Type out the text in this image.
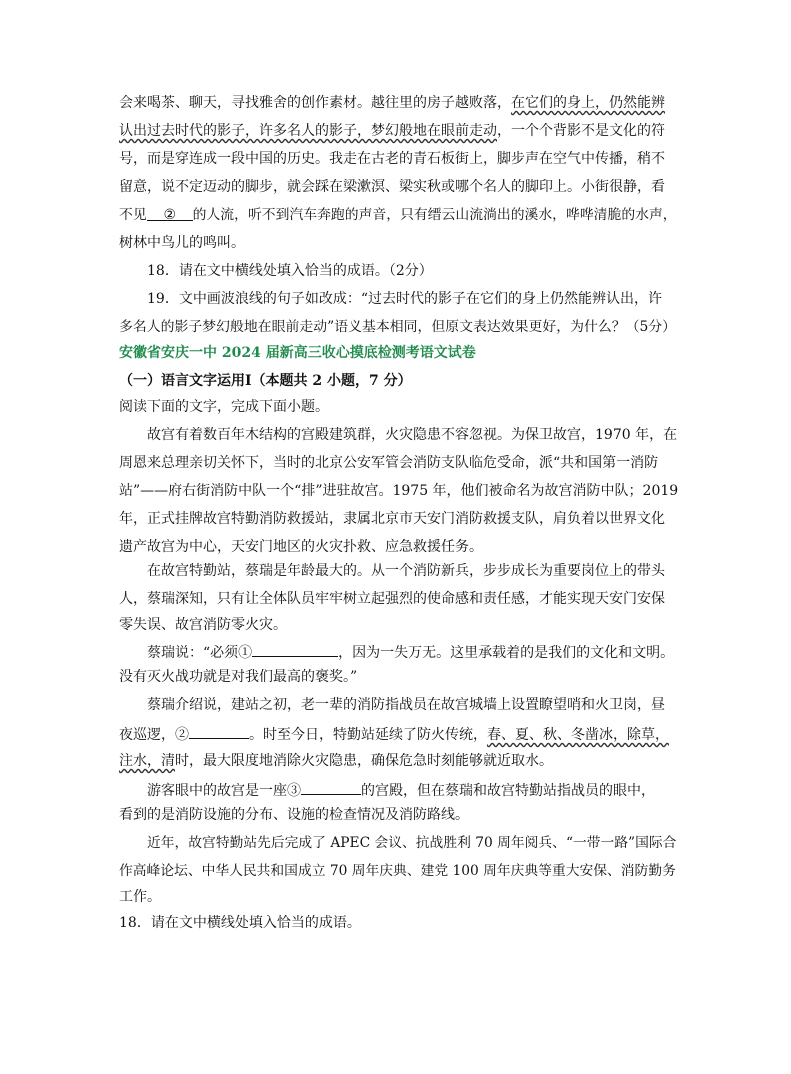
会来喝茶、聊天，寻找雅舍的创作素材。越往里的房子越败落，在它们的身上，仍然能辨
认出过去时代的影子，许多名人的影子，梦幻般地在眼前走动，一个个背影不是文化的符
号，而是穿连成一段中国的历史。我走在古老的青石板街上，脚步声在空气中传播，稍不
留意，说不定迈动的脚步，就会踩在梁漱溟、梁实秋或哪个名人的脚印上。小街很静，看
不见 ② 的人流，听不到汽车奔跑的声音，只有缙云山流淌出的溪水，哗哗清脆的水声，
树林中鸟儿的鸣叫。
18．请在文中横线处填入恰当的成语。（2分）
19．文中画波浪线的句子如改成：“过去时代的影子在它们的身上仍然能辨认出，许
多名人的影子梦幻般地在眼前走动”语义基本相同，但原文表达效果更好，为什么？（5分）
安徽省安庆一中 2024 届新高三收心摸底检测考语文试卷
（一）语言文字运用Ⅰ（本题共 2 小题，7 分）
阅读下面的文字，完成下面小题。
故宫有着数百年木结构的宫殿建筑群，火灾隐患不容忽视。为保卫故宫，1970 年，在
周恩来总理亲切关怀下，当时的北京公安军管会消防支队临危受命，派“共和国第一消防
站”——府右街消防中队一个“排”进驻故宫。1975 年，他们被命名为故宫消防中队；2019
年，正式挂牌故宫特勤消防救援站，隶属北京市天安门消防救援支队，肩负着以世界文化
遗产故宫为中心，天安门地区的火灾扑救、应急救援任务。
在故宫特勤站，蔡瑞是年龄最大的。从一个消防新兵，步步成长为重要岗位上的带头
人，蔡瑞深知，只有让全体队员牢牢树立起强烈的使命感和责任感，才能实现天安门安保
零失误、故宫消防零火灾。
蔡瑞说：“必须①	，因为一失万无。这里承载着的是我们的文化和文明。
没有灭火战功就是对我们最高的褒奖。”
蔡瑞介绍说，建站之初，老一辈的消防指战员在故宫城墙上设置瞭望哨和火卫岗，昼
夜巡逻，②	。时至今日，特勤站延续了防火传统，春、夏、秋、冬凿冰，除草，
注水，清时，最大限度地消除火灾隐患，确保危急时刻能够就近取水。
游客眼中的故宫是一座③	的宫殿，但在蔡瑞和故宫特勤站指战员的眼中，
看到的是消防设施的分布、设施的检查情况及消防路线。
近年，故宫特勤站先后完成了 APEC 会议、抗战胜利 70 周年阅兵、“一带一路”国际合
作高峰论坛、中华人民共和国成立 70 周年庆典、建党 100 周年庆典等重大安保、消防勤务
工作。
18．请在文中横线处填入恰当的成语。
